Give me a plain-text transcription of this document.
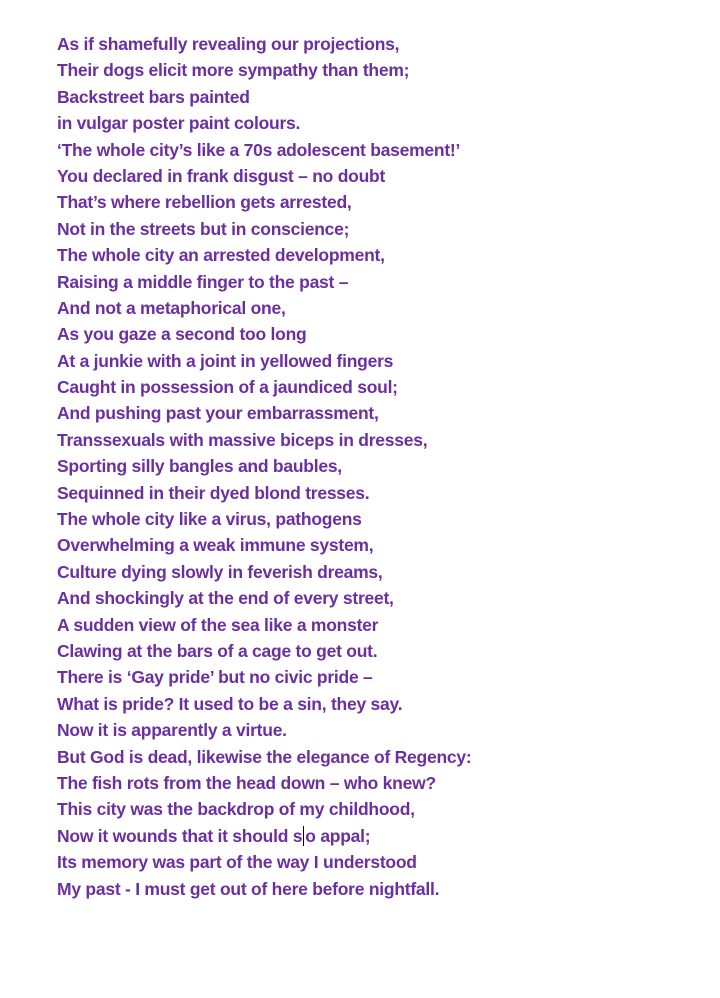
As if shamefully revealing our projections,
Their dogs elicit more sympathy than them;
Backstreet bars painted
in vulgar poster paint colours.
‘The whole city’s like a 70s adolescent basement!’
You declared in frank disgust – no doubt
That’s where rebellion gets arrested,
Not in the streets but in conscience;
The whole city an arrested development,
Raising a middle finger to the past –
And not a metaphorical one,
As you gaze a second too long
At a junkie with a joint in yellowed fingers
Caught in possession of a jaundiced soul;
And pushing past your embarrassment,
Transsexuals with massive biceps in dresses,
Sporting silly bangles and baubles,
Sequinned in their dyed blond tresses.
The whole city like a virus, pathogens
Overwhelming a weak immune system,
Culture dying slowly in feverish dreams,
And shockingly at the end of every street,
A sudden view of the sea like a monster
Clawing at the bars of a cage to get out.
There is ‘Gay pride’ but no civic pride –
What is pride? It used to be a sin, they say.
Now it is apparently a virtue.
But God is dead, likewise the elegance of Regency:
The fish rots from the head down – who knew?
This city was the backdrop of my childhood,
Now it wounds that it should s o appal;
Its memory was part of the way I understood
My past - I must get out of here before nightfall.
